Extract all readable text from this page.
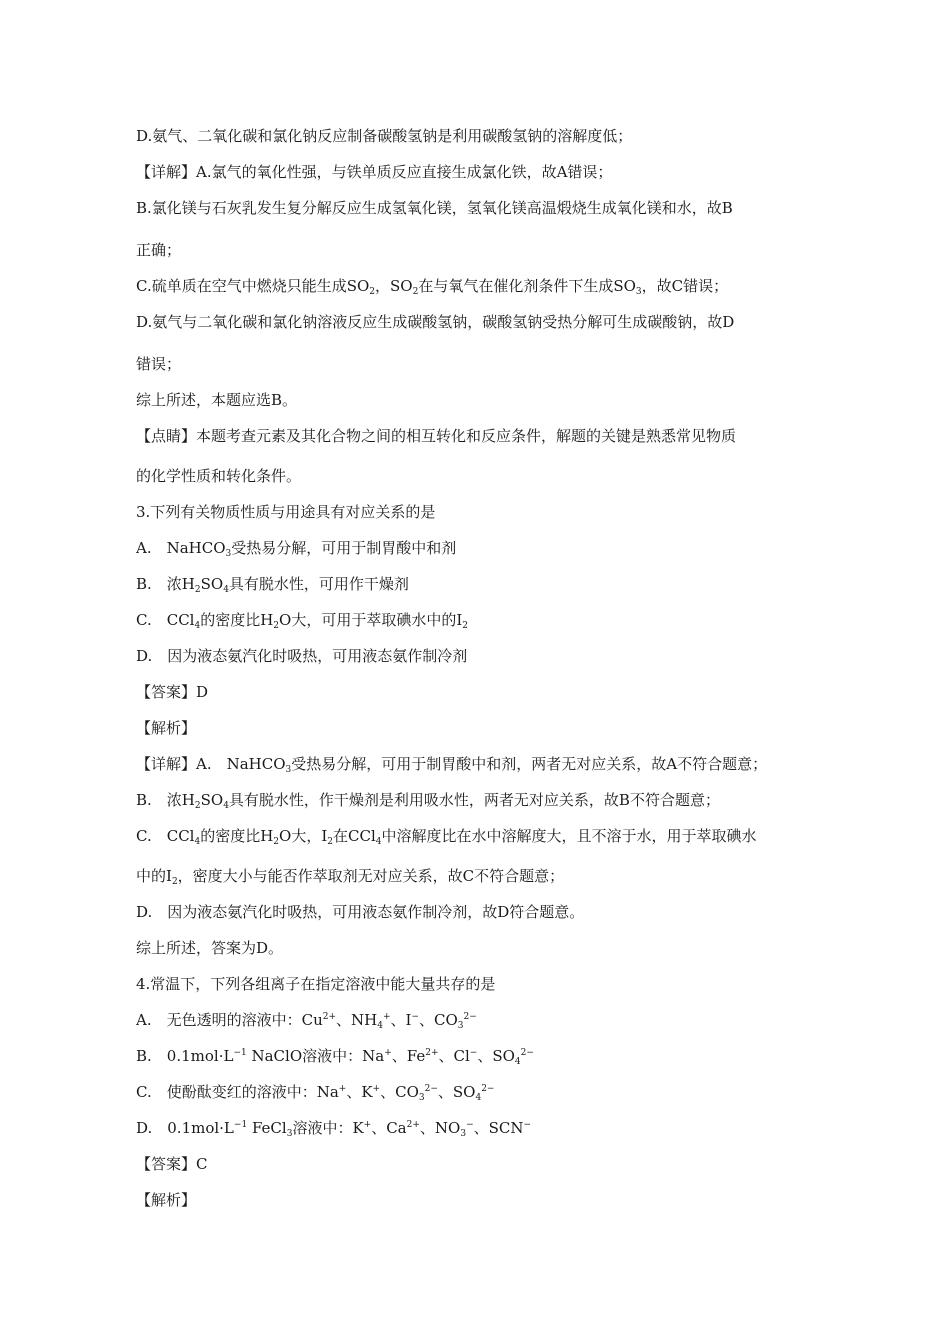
D.氨气、二氧化碳和氯化钠反应制备碳酸氢钠是利用碳酸氢钠的溶解度低；
【详解】A.氯气的氧化性强，与铁单质反应直接生成氯化铁，故A错误；
B.氯化镁与石灰乳发生复分解反应生成氢氧化镁，氢氧化镁高温煅烧生成氧化镁和水，故B
正确；
C.硫单质在空气中燃烧只能生成$SO_2$，$SO_2$在与氧气在催化剂条件下生成$SO_3$，故C错误；
D.氨气与二氧化碳和氯化钠溶液反应生成碳酸氢钠，碳酸氢钠受热分解可生成碳酸钠，故D
错误；
综上所述，本题应选B。
【点睛】本题考查元素及其化合物之间的相互转化和反应条件，解题的关键是熟悉常见物质
的化学性质和转化条件。
3.下列有关物质性质与用途具有对应关系的是
A.　NaHCO$_3$受热易分解，可用于制胃酸中和剂
B.　浓$H_2SO_4$具有脱水性，可用作干燥剂
C.　CCl$_4$的密度比$H_2O$大，可用于萃取碘水中的$I_2$
D.　因为液态氨汽化时吸热，可用液态氨作制冷剂
【答案】D
【解析】
【详解】A.　NaHCO$_3$受热易分解，可用于制胃酸中和剂，两者无对应关系，故A不符合题意；
B.　浓$H_2SO_4$具有脱水性，作干燥剂是利用吸水性，两者无对应关系，故B不符合题意；
C.　CCl$_4$的密度比$H_2O$大，$I_2$在CCl$_4$中溶解度比在水中溶解度大，且不溶于水，用于萃取碘水
中的$I_2$，密度大小与能否作萃取剂无对应关系，故C不符合题意；
D.　因为液态氨汽化时吸热，可用液态氨作制冷剂，故D符合题意。
综上所述，答案为D。
4.常温下，下列各组离子在指定溶液中能大量共存的是
A.　无色透明的溶液中：$Cu^{2+}$、$NH_4^+$、I−、$CO_3^{2-}$
B.　$0.1mol\cdot L^{-1}$ NaClO溶液中：Na+、$Fe^{2+}$、Cl−、$SO_4^{2-}$
C.　使酚酞变红的溶液中：Na+、K+、$CO_3^{2-}$、$SO_4^{2-}$
D.　$0.1mol\cdot L^{-1}$ FeCl$_3$溶液中：K+、$Ca^{2+}$、$NO_3^-$、SCN−
【答案】C
【解析】
